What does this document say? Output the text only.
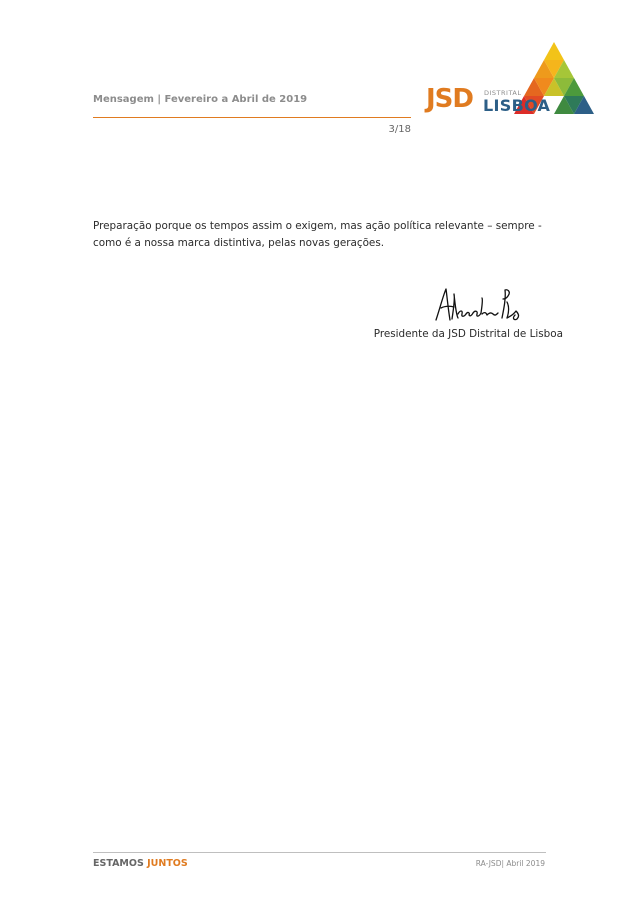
Mensagem | Fevereiro a Abril de 2019
3/18
JSD DISTRITAL
LISBOA

Preparação porque os tempos assim o exigem, mas ação política relevante – sempre - como é a nossa marca distintiva, pelas novas gerações.

Presidente da JSD Distrital de Lisboa
ESTAMOS JUNTOS	RA-JSD| Abril 2019
